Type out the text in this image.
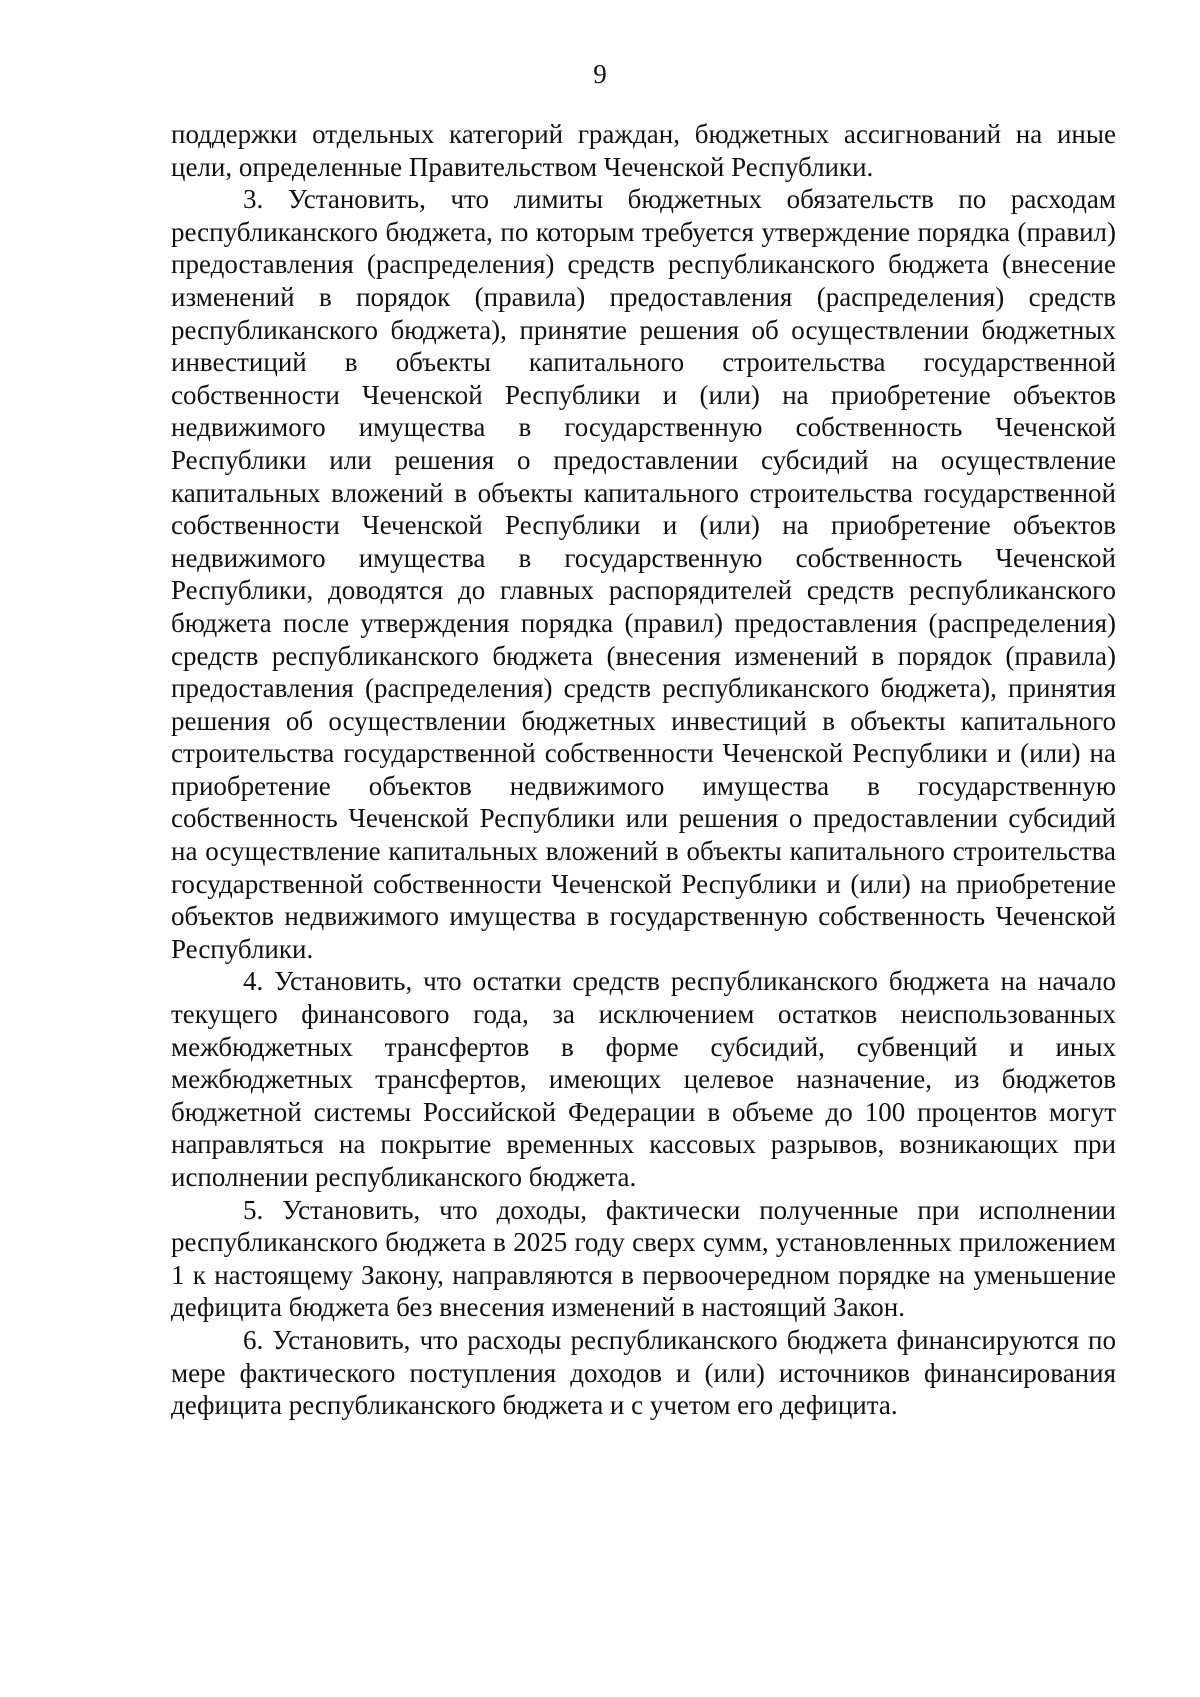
9

поддержки отдельных категорий граждан, бюджетных ассигнований на иные цели, определенные Правительством Чеченской Республики.

3. Установить, что лимиты бюджетных обязательств по расходам республиканского бюджета, по которым требуется утверждение порядка (правил) предоставления (распределения) средств республиканского бюджета (внесение изменений в порядок (правила) предоставления (распределения) средств республиканского бюджета), принятие решения об осуществлении бюджетных инвестиций в объекты капитального строительства государственной собственности Чеченской Республики и (или) на приобретение объектов недвижимого имущества в государственную собственность Чеченской Республики или решения о предоставлении субсидий на осуществление капитальных вложений в объекты капитального строительства государственной собственности Чеченской Республики и (или) на приобретение объектов недвижимого имущества в государственную собственность Чеченской Республики, доводятся до главных распорядителей средств республиканского бюджета после утверждения порядка (правил) предоставления (распределения) средств республиканского бюджета (внесения изменений в порядок (правила) предоставления (распределения) средств республиканского бюджета), принятия решения об осуществлении бюджетных инвестиций в объекты капитального строительства государственной собственности Чеченской Республики и (или) на приобретение объектов недвижимого имущества в государственную собственность Чеченской Республики или решения о предоставлении субсидий на осуществление капитальных вложений в объекты капитального строительства государственной собственности Чеченской Республики и (или) на приобретение объектов недвижимого имущества в государственную собственность Чеченской Республики.

4. Установить, что остатки средств республиканского бюджета на начало текущего финансового года, за исключением остатков неиспользованных межбюджетных трансфертов в форме субсидий, субвенций и иных межбюджетных трансфертов, имеющих целевое назначение, из бюджетов бюджетной системы Российской Федерации в объеме до 100 процентов могут направляться на покрытие временных кассовых разрывов, возникающих при исполнении республиканского бюджета.

5. Установить, что доходы, фактически полученные при исполнении республиканского бюджета в 2025 году сверх сумм, установленных приложением 1 к настоящему Закону, направляются в первоочередном порядке на уменьшение дефицита бюджета без внесения изменений в настоящий Закон.

6. Установить, что расходы республиканского бюджета финансируются по мере фактического поступления доходов и (или) источников финансирования дефицита республиканского бюджета и с учетом его дефицита.
